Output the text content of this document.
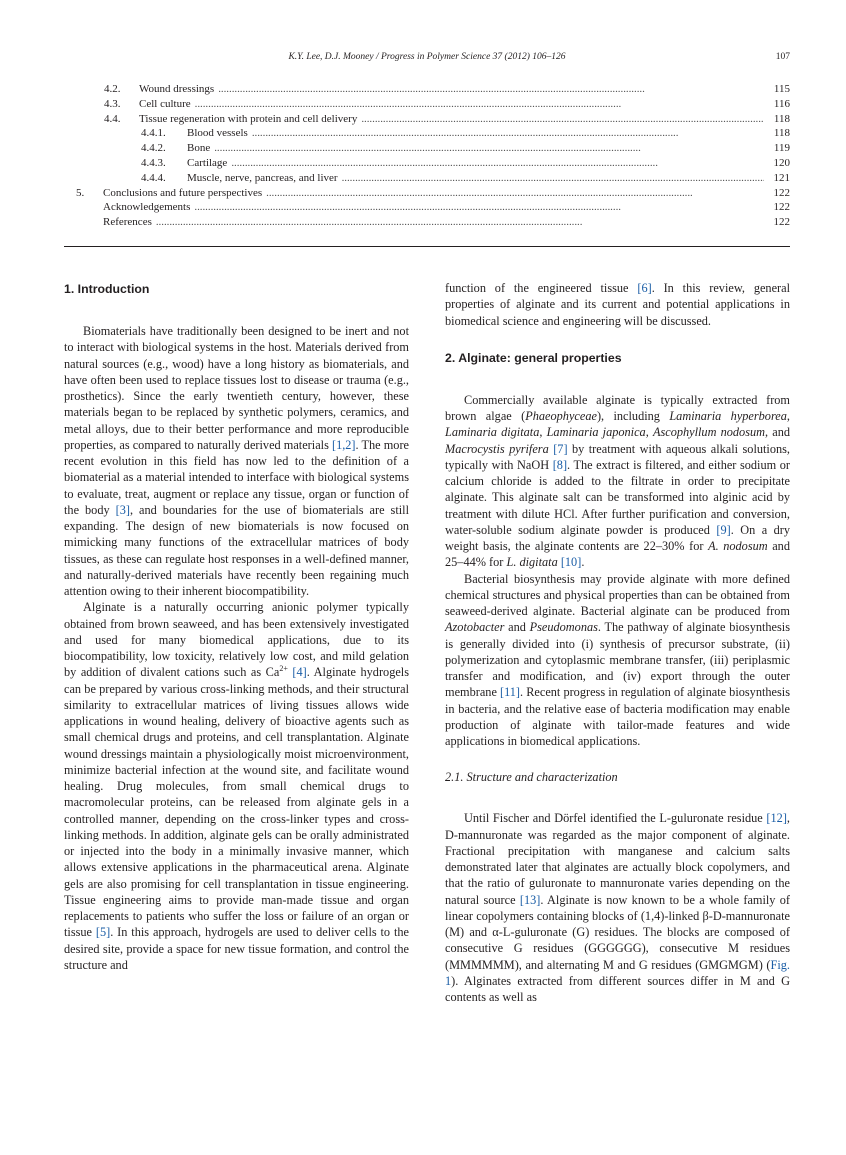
K.Y. Lee, D.J. Mooney / Progress in Polymer Science 37 (2012) 106–126	107
4.2.	Wound dressings . . .	115
4.3.	Cell culture . . .	116
4.4.	Tissue regeneration with protein and cell delivery . . .	118
4.4.1.	Blood vessels . . .	118
4.4.2.	Bone . . .	119
4.4.3.	Cartilage . . .	120
4.4.4.	Muscle, nerve, pancreas, and liver . . .	121
5.	Conclusions and future perspectives . . .	122
Acknowledgements . . .	122
References . . .	122
1. Introduction

Biomaterials have traditionally been designed to be inert and not to interact with biological systems in the host. Materials derived from natural sources (e.g., wood) have a long history as biomaterials, and have often been used to replace tissues lost to disease or trauma (e.g., prosthetics). Since the early twentieth century, however, these materials began to be replaced by synthetic polymers, ceramics, and metal alloys, due to their better performance and more reproducible properties, as compared to naturally derived materials [1,2]. The more recent evolution in this field has now led to the definition of a biomaterial as a material intended to interface with biological systems to evaluate, treat, augment or replace any tissue, organ or function of the body [3], and boundaries for the use of biomaterials are still expanding. The design of new biomaterials is now focused on mimicking many functions of the extracellular matrices of body tissues, as these can regulate host responses in a well-defined manner, and naturally-derived materials have recently been regaining much attention owing to their inherent biocompatibility.

Alginate is a naturally occurring anionic polymer typically obtained from brown seaweed, and has been extensively investigated and used for many biomedical applications, due to its biocompatibility, low toxicity, relatively low cost, and mild gelation by addition of divalent cations such as $Ca^{2+}$ [4]. Alginate hydrogels can be prepared by various cross-linking methods, and their structural similarity to extracellular matrices of living tissues allows wide applications in wound healing, delivery of bioactive agents such as small chemical drugs and proteins, and cell transplantation. Alginate wound dressings maintain a physiologically moist microenvironment, minimize bacterial infection at the wound site, and facilitate wound healing. Drug molecules, from small chemical drugs to macromolecular proteins, can be released from alginate gels in a controlled manner, depending on the cross-linker types and cross-linking methods. In addition, alginate gels can be orally administrated or injected into the body in a minimally invasive manner, which allows extensive applications in the pharmaceutical arena. Alginate gels are also promising for cell transplantation in tissue engineering. Tissue engineering aims to provide man-made tissue and organ replacements to patients who suffer the loss or failure of an organ or tissue [5]. In this approach, hydrogels are used to deliver cells to the desired site, provide a space for new tissue formation, and control the structure and

function of the engineered tissue [6]. In this review, general properties of alginate and its current and potential applications in biomedical science and engineering will be discussed.

2. Alginate: general properties

Commercially available alginate is typically extracted from brown algae (Phaeophyceae), including Laminaria hyperborea, Laminaria digitata, Laminaria japonica, Ascophyllum nodosum, and Macrocystis pyrifera [7] by treatment with aqueous alkali solutions, typically with NaOH [8]. The extract is filtered, and either sodium or calcium chloride is added to the filtrate in order to precipitate alginate. This alginate salt can be transformed into alginic acid by treatment with dilute HCl. After further purification and conversion, water-soluble sodium alginate powder is produced [9]. On a dry weight basis, the alginate contents are 22–30% for A. nodosum and 25–44% for L. digitata [10].

Bacterial biosynthesis may provide alginate with more defined chemical structures and physical properties than can be obtained from seaweed-derived alginate. Bacterial alginate can be produced from Azotobacter and Pseudomonas. The pathway of alginate biosynthesis is generally divided into (i) synthesis of precursor substrate, (ii) polymerization and cytoplasmic membrane transfer, (iii) periplasmic transfer and modification, and (iv) export through the outer membrane [11]. Recent progress in regulation of alginate biosynthesis in bacteria, and the relative ease of bacteria modification may enable production of alginate with tailor-made features and wide applications in biomedical applications.

2.1. Structure and characterization

Until Fischer and Dörfel identified the L-guluronate residue [12], D-mannuronate was regarded as the major component of alginate. Fractional precipitation with manganese and calcium salts demonstrated later that alginates are actually block copolymers, and that the ratio of guluronate to mannuronate varies depending on the natural source [13]. Alginate is now known to be a whole family of linear copolymers containing blocks of (1,4)-linked β-D-mannuronate (M) and α-L-guluronate (G) residues. The blocks are composed of consecutive G residues (GGGGGG), consecutive M residues (MMMMMM), and alternating M and G residues (GMGMGM) (Fig. 1). Alginates extracted from different sources differ in M and G contents as well as
